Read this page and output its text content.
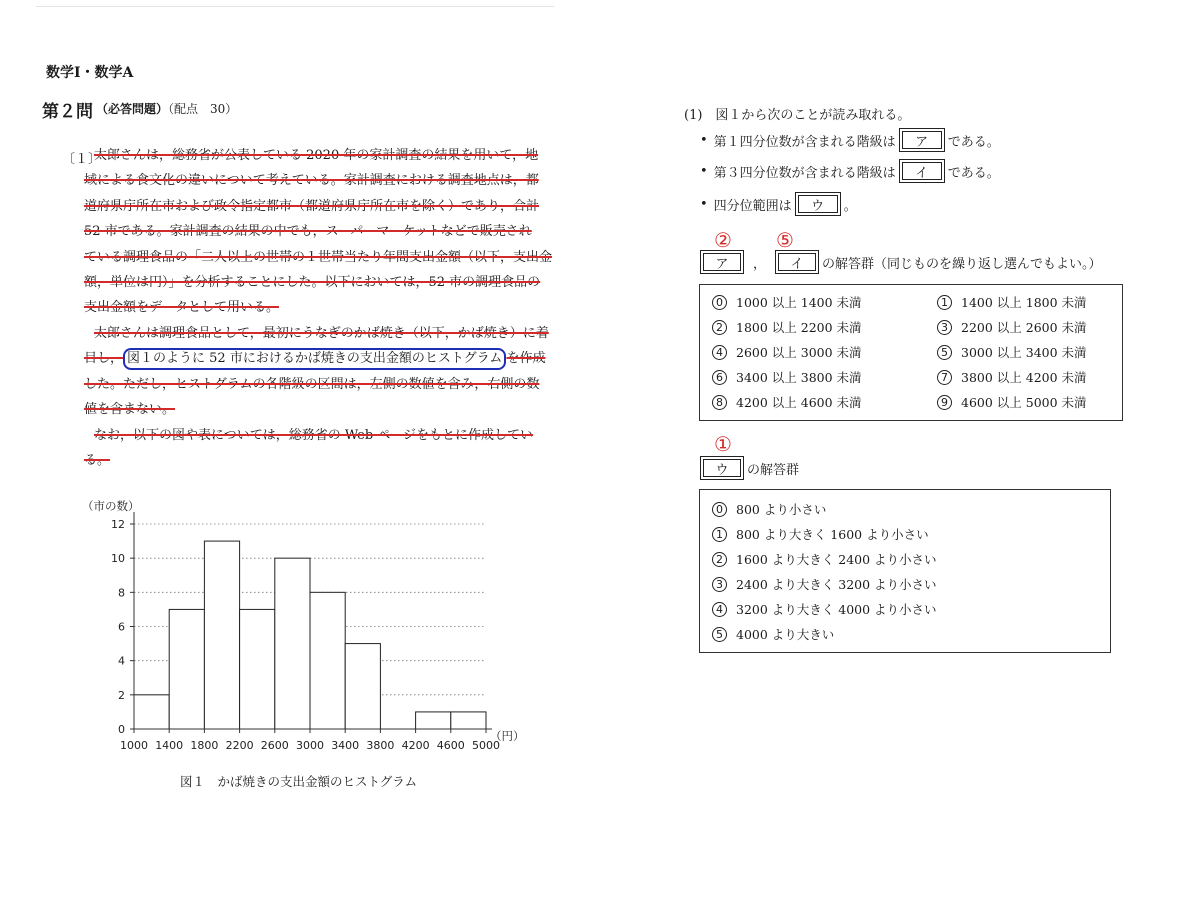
数学Ⅰ・数学A
第２問 （必答問題）（配点　30）
〔１〕
太郎さんは，総務省が公表している 2020 年の家計調査の結果を用いて，地
域による食文化の違いについて考えている。家計調査における調査地点は，都
道府県庁所在市および政令指定都市（都道府県庁所在市を除く）であり，合計
52 市である。家計調査の結果の中でも，スーパーマーケットなどで販売され
ている調理食品の「二人以上の世帯の１世帯当たり年間支出金額（以下，支出金
額，単位は円）」を分析することにした。以下においては，52 市の調理食品の
支出金額をデータとして用いる。
太郎さんは調理食品として，最初にうなぎのかば焼き（以下，かば焼き）に着
目し， 図１のように 52 市におけるかば焼きの支出金額のヒストグラム を作成
した。ただし，ヒストグラムの各階級の区間は，左側の数値を含み，右側の数
値を含まない。
なお，以下の図や表については，総務省の Web ページをもとに作成してい
る。
0
2
4
6
8
10
12
1000 1400 1800 2200 2600 3000 3400 3800 4200 4600 5000
（市の数）
（円）
図１　かば焼きの支出金額のヒストグラム
(1)　図１から次のことが読み取れる。
• 第１四分位数が含まれる階級は	ア	である。
• 第３四分位数が含まれる階級は	イ	である。
• 四分位範囲は	ウ	。
② ⑤
ア	，	イ	の解答群（同じものを繰り返し選んでもよい。）
0	1000 以上 1400 未満	1	1400 以上 1800 未満
2	1800 以上 2200 未満	3	2200 以上 2600 未満
4	2600 以上 3000 未満	5	3000 以上 3400 未満
6	3400 以上 3800 未満	7	3800 以上 4200 未満
8	4200 以上 4600 未満	9	4600 以上 5000 未満
①
ウ	の解答群
0	800 より小さい
1	800 より大きく 1600 より小さい
2	1600 より大きく 2400 より小さい
3	2400 より大きく 3200 より小さい
4	3200 より大きく 4000 より小さい
5	4000 より大きい
